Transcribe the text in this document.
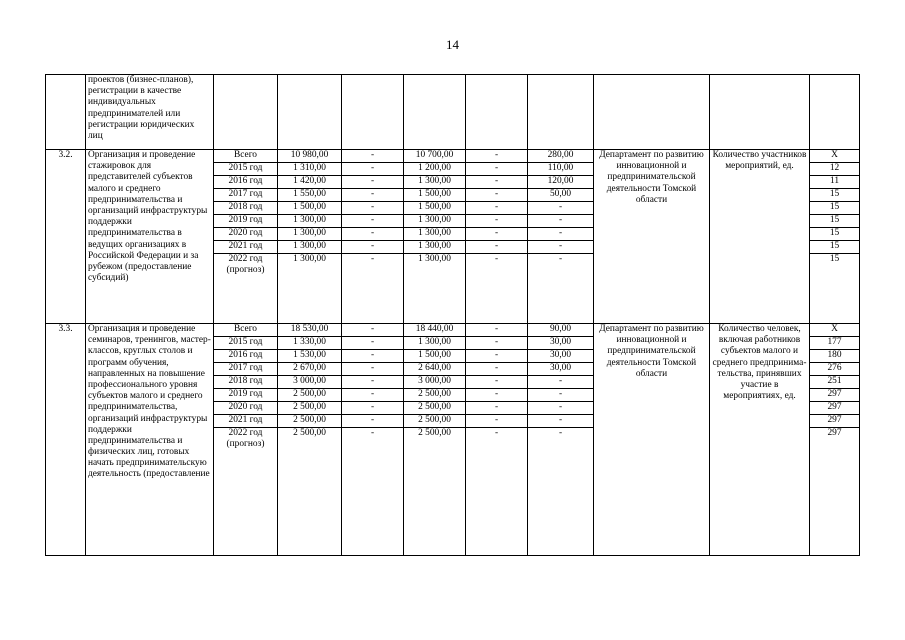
14
	проектов (бизнес-планов), регистрации в качестве индивидуальных предпринимателей или регистрации юридических лиц									
3.2.	Организация и проведение стажировок для представителей субъектов малого и среднего предпринимательства и организаций инфраструктуры поддержки предпринимательства в ведущих организациях в Российской Федерации и за рубежом (предоставление субсидий)	Всего	10 980,00	-	10 700,00	-	280,00	Департамент по развитию инновационной и предпринимательской деятельности Томской области	Количество участников мероприятий, ед.	X
		2015 год	1 310,00	-	1 200,00	-	110,00			12
		2016 год	1 420,00	-	1 300,00	-	120,00			11
		2017 год	1 550,00	-	1 500,00	-	50,00			15
		2018 год	1 500,00	-	1 500,00	-	-			15
		2019 год	1 300,00	-	1 300,00	-	-			15
		2020 год	1 300,00	-	1 300,00	-	-			15
		2021 год	1 300,00	-	1 300,00	-	-			15
		2022 год (прогноз)	1 300,00	-	1 300,00	-	-			15
3.3.	Организация и проведение семинаров, тренингов, мастер-классов, круглых столов и программ обучения, направленных на повышение профессионального уровня субъектов малого и среднего предпринимательства, организаций инфраструктуры поддержки предпринимательства и физических лиц, готовых начать предпринимательскую деятельность (предоставление	Всего	18 530,00	-	18 440,00	-	90,00	Департамент по развитию инновационной и предпринимательской деятельности Томской области	Количество человек, включая работников субъектов малого и среднего предпринима-тельства, принявших участие в мероприятиях, ед.	X
		2015 год	1 330,00	-	1 300,00	-	30,00			177
		2016 год	1 530,00	-	1 500,00	-	30,00			180
		2017 год	2 670,00	-	2 640,00	-	30,00			276
		2018 год	3 000,00	-	3 000,00	-	-			251
		2019 год	2 500,00	-	2 500,00	-	-			297
		2020 год	2 500,00	-	2 500,00	-	-			297
		2021 год	2 500,00	-	2 500,00	-	-			297
		2022 год (прогноз)	2 500,00	-	2 500,00	-	-			297
